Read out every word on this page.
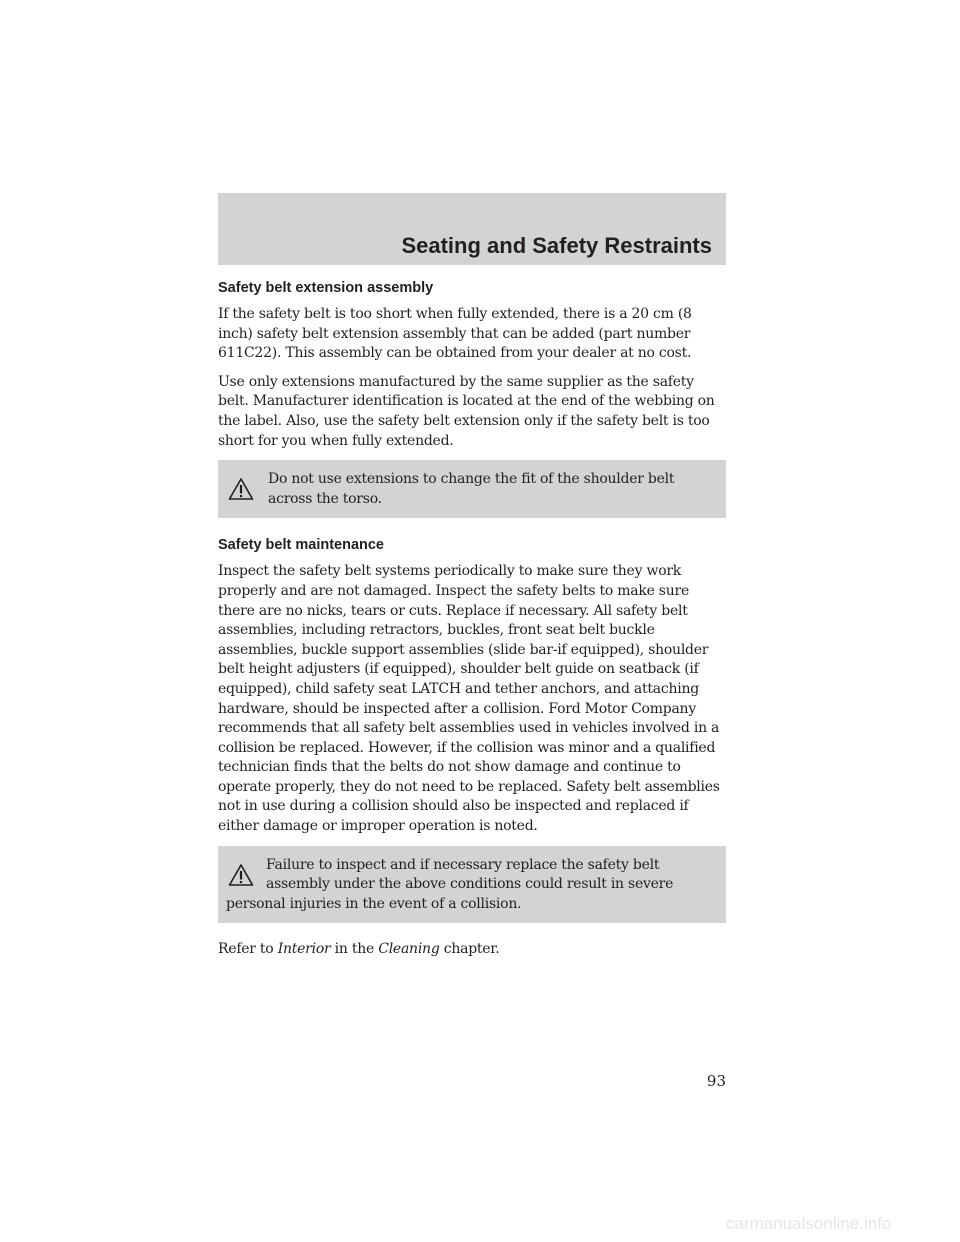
Seating and Safety Restraints
Safety belt extension assembly

If the safety belt is too short when fully extended, there is a 20 cm (8 inch) safety belt extension assembly that can be added (part number 611C22). This assembly can be obtained from your dealer at no cost.

Use only extensions manufactured by the same supplier as the safety belt. Manufacturer identification is located at the end of the webbing on the label. Also, use the safety belt extension only if the safety belt is too short for you when fully extended.

Do not use extensions to change the fit of the shoulder belt across the torso.

Safety belt maintenance

Inspect the safety belt systems periodically to make sure they work properly and are not damaged. Inspect the safety belts to make sure there are no nicks, tears or cuts. Replace if necessary. All safety belt assemblies, including retractors, buckles, front seat belt buckle assemblies, buckle support assemblies (slide bar-if equipped), shoulder belt height adjusters (if equipped), shoulder belt guide on seatback (if equipped), child safety seat LATCH and tether anchors, and attaching hardware, should be inspected after a collision. Ford Motor Company recommends that all safety belt assemblies used in vehicles involved in a collision be replaced. However, if the collision was minor and a qualified technician finds that the belts do not show damage and continue to operate properly, they do not need to be replaced. Safety belt assemblies not in use during a collision should also be inspected and replaced if either damage or improper operation is noted.

Failure to inspect and if necessary replace the safety belt assembly under the above conditions could result in severe personal injuries in the event of a collision.

Refer to Interior in the Cleaning chapter.

93
carmanualsonline.info
